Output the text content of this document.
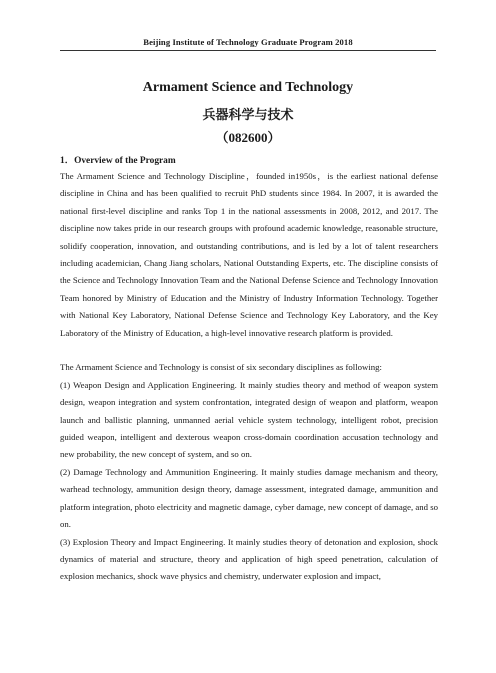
Beijing Institute of Technology Graduate Program 2018
Armament Science and Technology
兵器科学与技术
（082600）
1．Overview of the Program

The Armament Science and Technology Discipline，founded in1950s，is the earliest national defense discipline in China and has been qualified to recruit PhD students since 1984. In 2007, it is awarded the national first-level discipline and ranks Top 1 in the national assessments in 2008, 2012, and 2017. The discipline now takes pride in our research groups with profound academic knowledge, reasonable structure, solidify cooperation, innovation, and outstanding contributions, and is led by a lot of talent researchers including academician, Chang Jiang scholars, National Outstanding Experts, etc. The discipline consists of the Science and Technology Innovation Team and the National Defense Science and Technology Innovation Team honored by Ministry of Education and the Ministry of Industry Information Technology. Together with National Key Laboratory, National Defense Science and Technology Key Laboratory, and the Key Laboratory of the Ministry of Education, a high-level innovative research platform is provided.

The Armament Science and Technology is consist of six secondary disciplines as following:

(1) Weapon Design and Application Engineering. It mainly studies theory and method of weapon system design, weapon integration and system confrontation, integrated design of weapon and platform, weapon launch and ballistic planning, unmanned aerial vehicle system technology, intelligent robot, precision guided weapon, intelligent and dexterous weapon cross-domain coordination accusation technology and new probability, the new concept of system, and so on.

(2) Damage Technology and Ammunition Engineering. It mainly studies damage mechanism and theory, warhead technology, ammunition design theory, damage assessment, integrated damage, ammunition and platform integration, photo electricity and magnetic damage, cyber damage, new concept of damage, and so on.

(3) Explosion Theory and Impact Engineering. It mainly studies theory of detonation and explosion, shock dynamics of material and structure, theory and application of high speed penetration, calculation of explosion mechanics, shock wave physics and chemistry, underwater explosion and impact,
